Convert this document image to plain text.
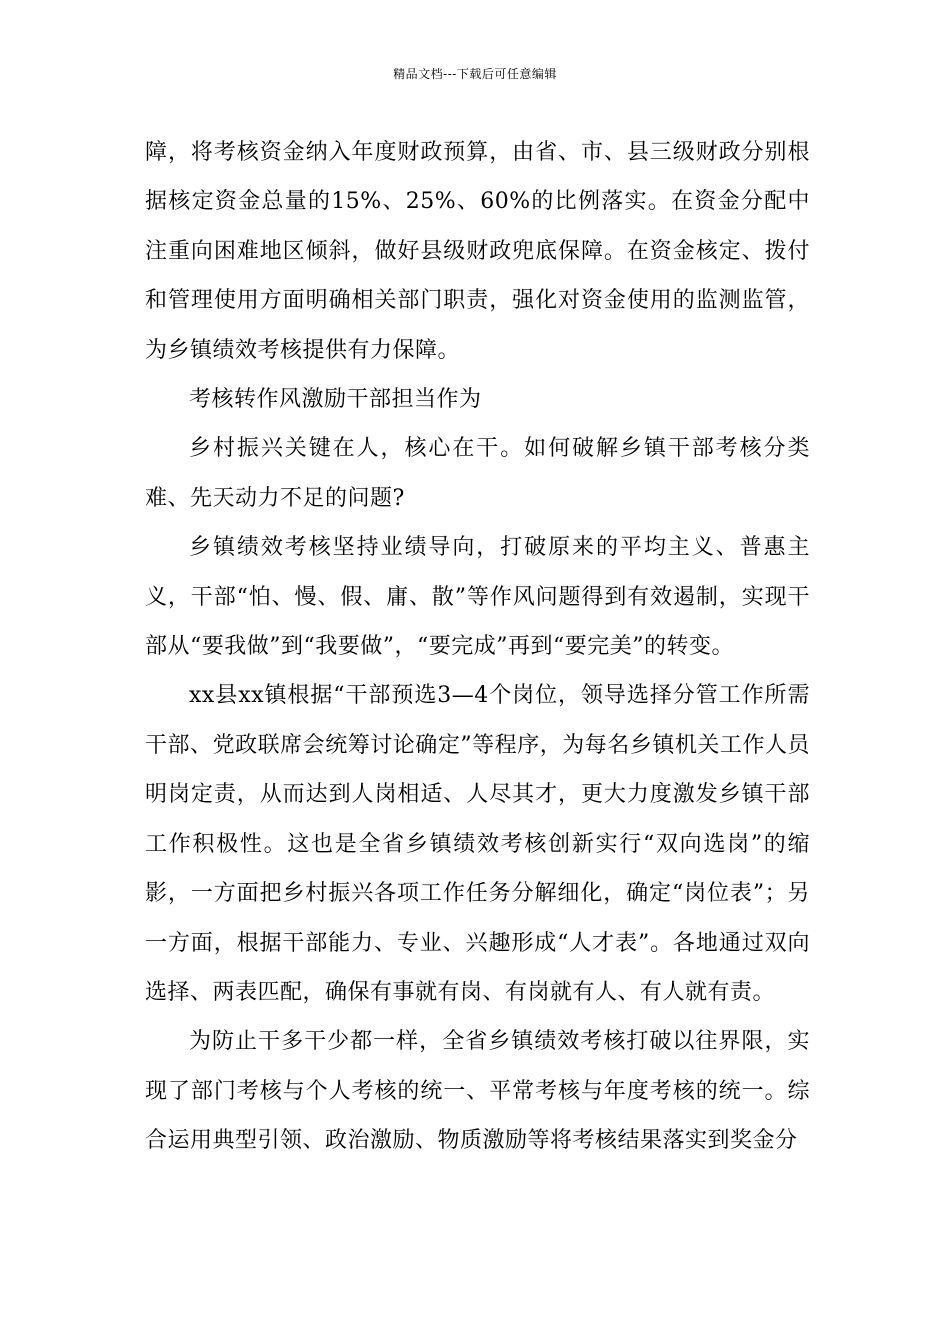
精品文档---下载后可任意编辑

障，将考核资金纳入年度财政预算，由省、市、县三级财政分别根据核定资金总量的15%、25%、60%的比例落实。在资金分配中注重向困难地区倾斜，做好县级财政兜底保障。在资金核定、拨付和管理使用方面明确相关部门职责，强化对资金使用的监测监管，为乡镇绩效考核提供有力保障。

考核转作风激励干部担当作为

乡村振兴关键在人，核心在干。如何破解乡镇干部考核分类难、先天动力不足的问题?

乡镇绩效考核坚持业绩导向，打破原来的平均主义、普惠主义，干部“怕、慢、假、庸、散”等作风问题得到有效遏制，实现干部从“要我做”到“我要做”，“要完成”再到“要完美”的转变。

xx县xx镇根据“干部预选3—4个岗位，领导选择分管工作所需干部、党政联席会统筹讨论确定”等程序，为每名乡镇机关工作人员明岗定责，从而达到人岗相适、人尽其才，更大力度激发乡镇干部工作积极性。这也是全省乡镇绩效考核创新实行“双向选岗”的缩影，一方面把乡村振兴各项工作任务分解细化，确定“岗位表”；另一方面，根据干部能力、专业、兴趣形成“人才表”。各地通过双向选择、两表匹配，确保有事就有岗、有岗就有人、有人就有责。

为防止干多干少都一样，全省乡镇绩效考核打破以往界限，实现了部门考核与个人考核的统一、平常考核与年度考核的统一。综合运用典型引领、政治激励、物质激励等将考核结果落实到奖金分
